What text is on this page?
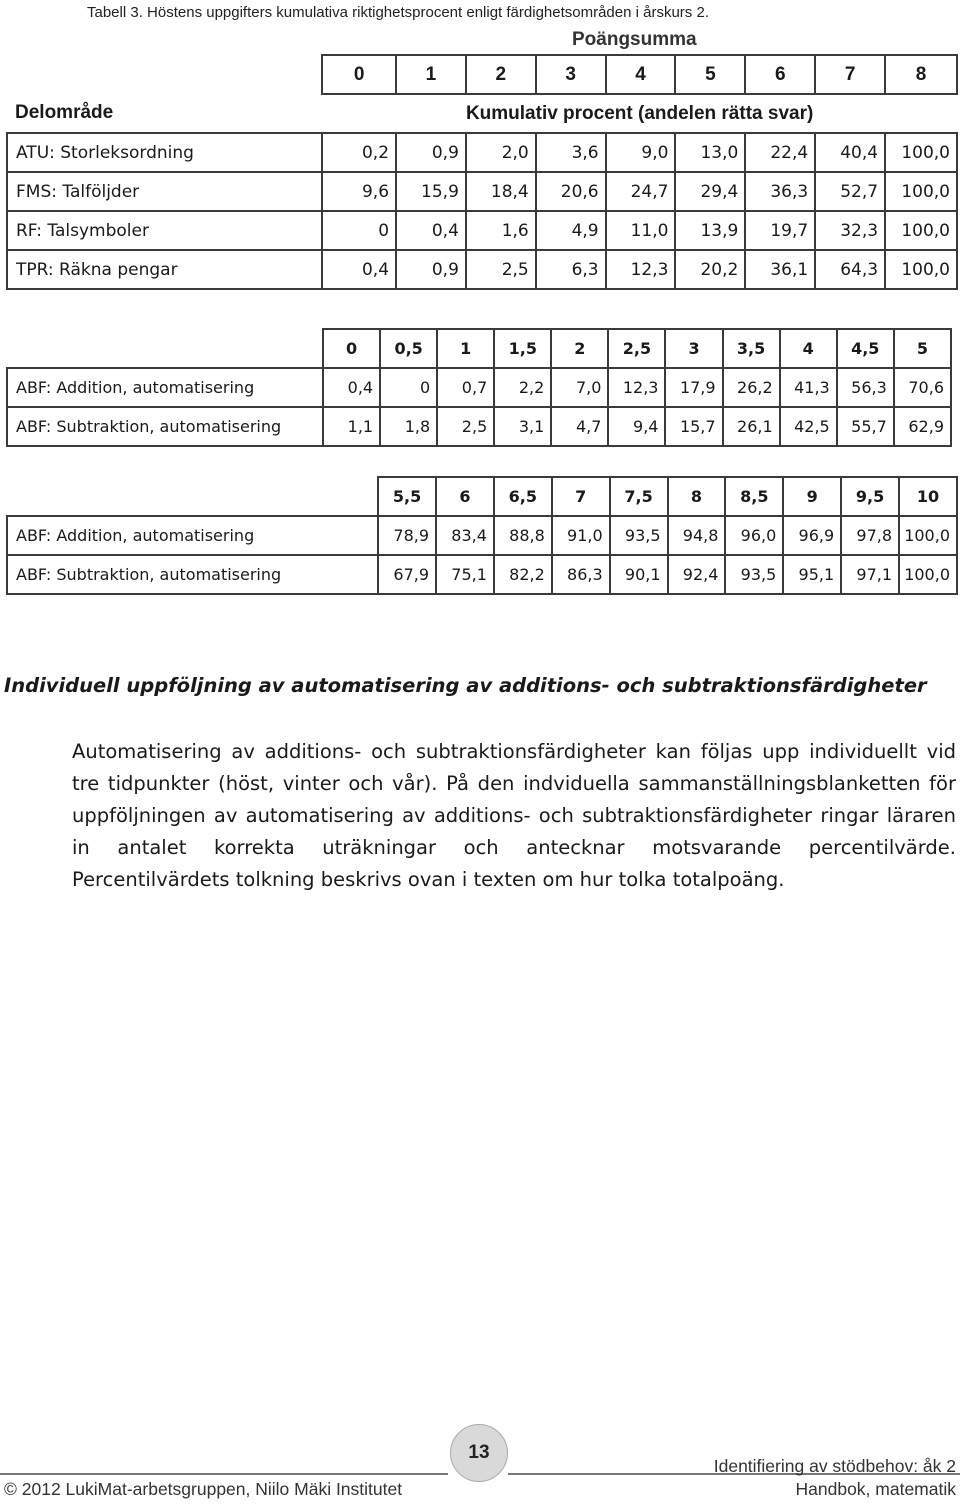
Tabell 3. Höstens uppgifters kumulativa riktighetsprocent enligt färdighetsområden i årskurs 2.
Poängsumma
	0	1	2	3	4	5	6	7	8
Delområde	Kumulativ procent (andelen rätta svar)								
ATU: Storleksordning	0,2	0,9	2,0	3,6	9,0	13,0	22,4	40,4	100,0
FMS: Talföljder	9,6	15,9	18,4	20,6	24,7	29,4	36,3	52,7	100,0
RF: Talsymboler	0	0,4	1,6	4,9	11,0	13,9	19,7	32,3	100,0
TPR: Räkna pengar	0,4	0,9	2,5	6,3	12,3	20,2	36,1	64,3	100,0
	0	0,5	1	1,5	2	2,5	3	3,5	4	4,5	5
ABF: Addition, automatisering	0,4	0	0,7	2,2	7,0	12,3	17,9	26,2	41,3	56,3	70,6
ABF: Subtraktion, automatisering	1,1	1,8	2,5	3,1	4,7	9,4	15,7	26,1	42,5	55,7	62,9
	5,5	6	6,5	7	7,5	8	8,5	9	9,5	10
ABF: Addition, automatisering	78,9	83,4	88,8	91,0	93,5	94,8	96,0	96,9	97,8	100,0
ABF: Subtraktion, automatisering	67,9	75,1	82,2	86,3	90,1	92,4	93,5	95,1	97,1	100,0
Individuell uppföljning av automatisering av additions- och subtraktionsfärdigheter
Automatisering av additions- och subtraktionsfärdigheter kan följas upp individuellt vid tre tidpunkter (höst, vinter och vår). På den indviduella sammanställningsblanketten för uppföljningen av automatisering av additions- och subtraktionsfärdigheter ringar läraren in antalet korrekta uträkningar och antecknar motsvarande percentilvärde. Percentilvärdets tolkning beskrivs ovan i texten om hur tolka totalpoäng.
13
© 2012 LukiMat-arbetsgruppen, Niilo Mäki Institutet
Identifiering av stödbehov: åk 2
Handbok, matematik
